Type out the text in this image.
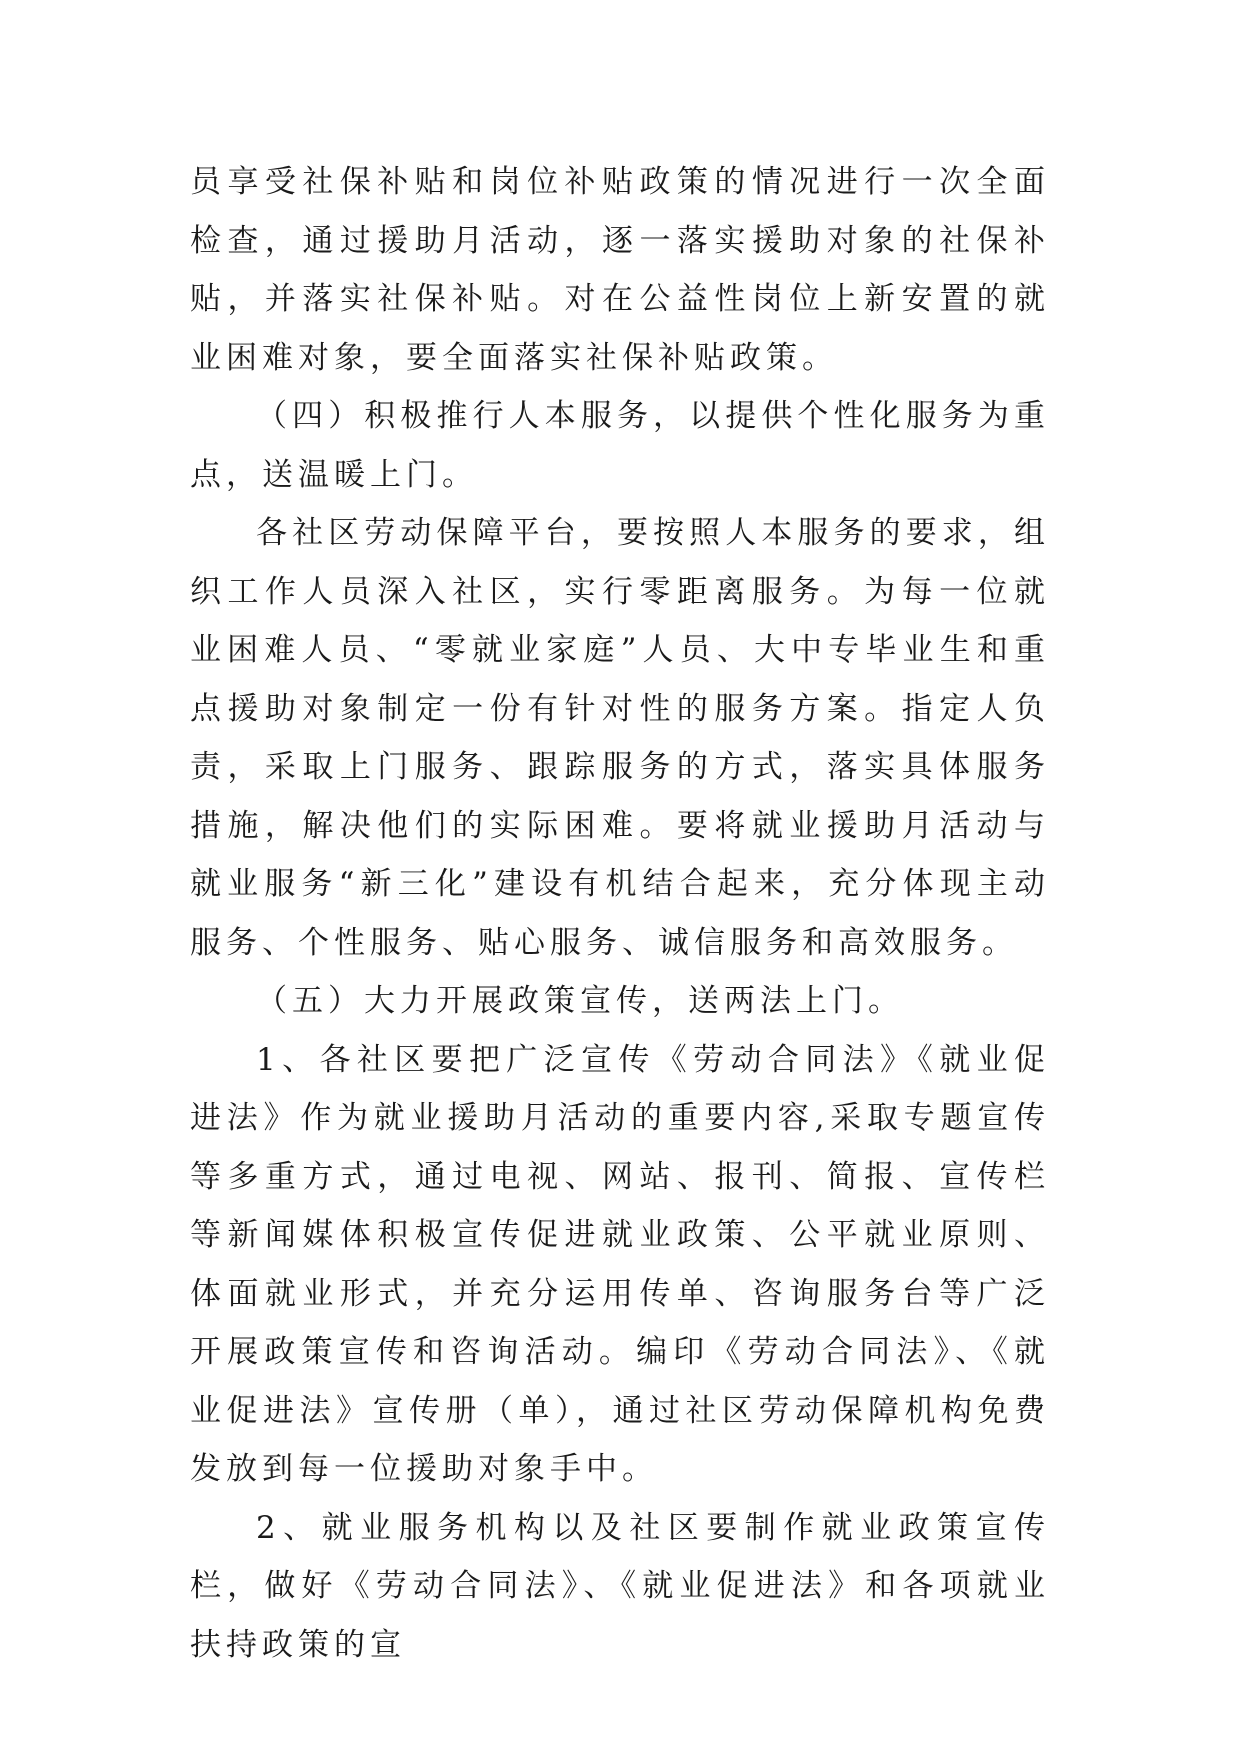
员享受社保补贴和岗位补贴政策的情况进行一次全面检查，通过援助月活动，逐一落实援助对象的社保补贴，并落实社保补贴。对在公益性岗位上新安置的就业困难对象，要全面落实社保补贴政策。

（四）积极推行人本服务，以提供个性化服务为重点，送温暖上门。

各社区劳动保障平台，要按照人本服务的要求，组织工作人员深入社区，实行零距离服务。为每一位就业困难人员、“零就业家庭”人员、大中专毕业生和重点援助对象制定一份有针对性的服务方案。指定人负责，采取上门服务、跟踪服务的方式，落实具体服务措施，解决他们的实际困难。要将就业援助月活动与就业服务“新三化”建设有机结合起来，充分体现主动服务、个性服务、贴心服务、诚信服务和高效服务。

（五）大力开展政策宣传，送两法上门。

1、各社区要把广泛宣传《劳动合同法》《就业促进法》作为就业援助月活动的重要内容,采取专题宣传等多重方式，通过电视、网站、报刊、简报、宣传栏等新闻媒体积极宣传促进就业政策、公平就业原则、体面就业形式，并充分运用传单、咨询服务台等广泛开展政策宣传和咨询活动。编印《劳动合同法》、《就业促进法》宣传册（单），通过社区劳动保障机构免费发放到每一位援助对象手中。

2、就业服务机构以及社区要制作就业政策宣传栏，做好《劳动合同法》、《就业促进法》和各项就业扶持政策的宣
